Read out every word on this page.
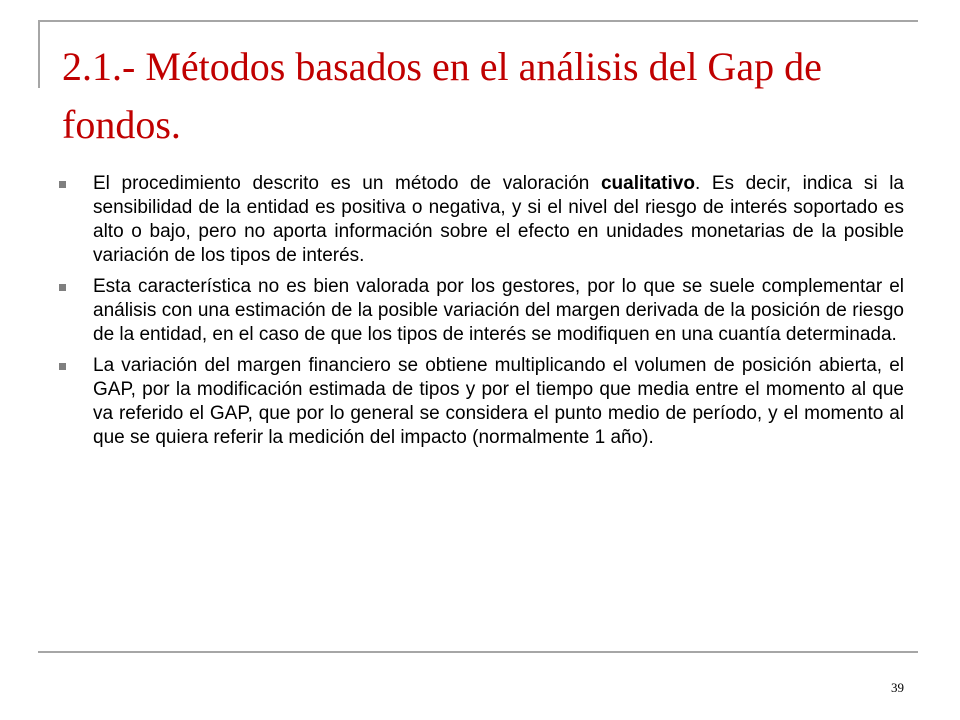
2.1.- Métodos basados en el análisis del Gap de fondos.
El procedimiento descrito es un método de valoración cualitativo. Es decir, indica si la sensibilidad de la entidad es positiva o negativa, y si el nivel del riesgo de interés soportado es alto o bajo, pero no aporta información sobre el efecto en unidades monetarias de la posible variación de los tipos de interés.
Esta característica no es bien valorada por los gestores, por lo que se suele complementar el análisis con una estimación de la posible variación del margen derivada de la posición de riesgo de la entidad, en el caso de que los tipos de interés se modifiquen en una cuantía determinada.
La variación del margen financiero se obtiene multiplicando el volumen de posición abierta, el GAP, por la modificación estimada de tipos y por el tiempo que media entre el momento al que va referido el GAP, que por lo general se considera el punto medio de período, y el momento al que se quiera referir la medición del impacto (normalmente 1 año).
39
